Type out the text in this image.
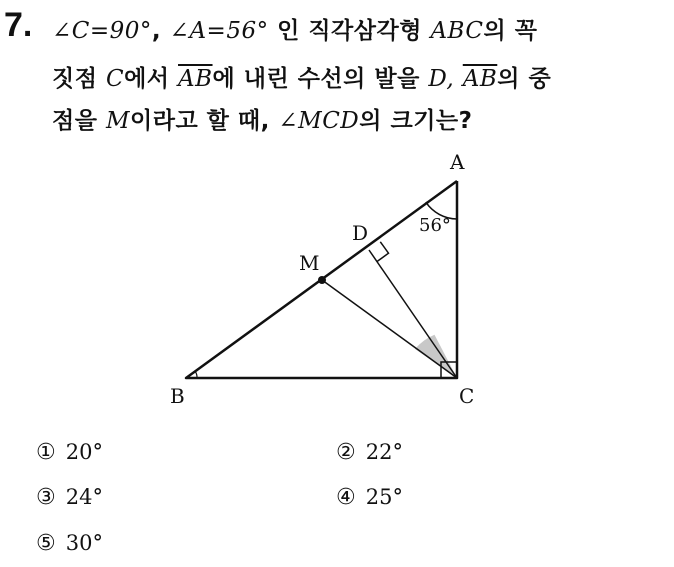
7. ∠C=90°, ∠A=56° 인 직각삼각형 ABC의 꼭
짓점 C에서 $\overline{AB}$에 내린 수선의 발을 D, $\overline{AB}$의 중
점을 M이라고 할 때, ∠MCD의 크기는?
A
B	C
D
M
56°
① 20°	② 22°
③ 24°	④ 25°
⑤ 30°
